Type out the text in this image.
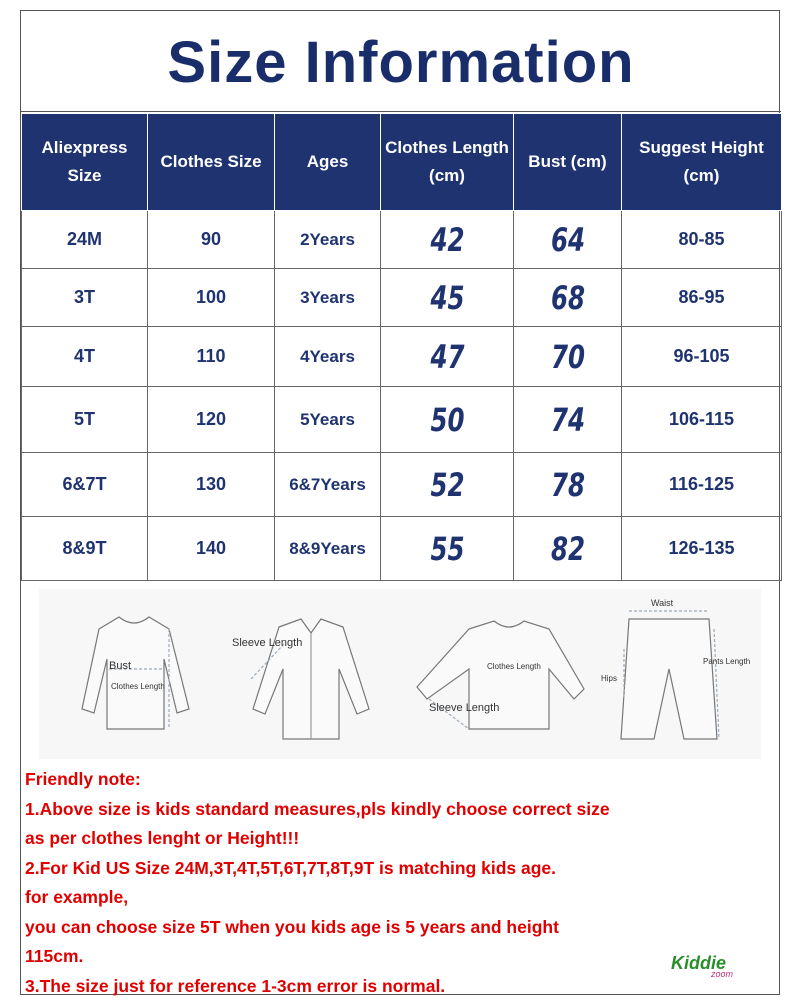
Size Information
Aliexpress Size	Clothes Size	Ages	Clothes Length (cm)	Bust (cm)	Suggest Height (cm)
24M	90	2Years	42	64	80-85
3T	100	3Years	45	68	86-95
4T	110	4Years	47	70	96-105
5T	120	5Years	50	74	106-115
6&7T	130	6&7Years	52	78	116-125
8&9T	140	8&9Years	55	82	126-135
Bust
Clothes Length
Sleeve Length
Clothes Length
Sleeve Length
Waist
Hips
Pants Length
Friendly note:
1.Above size is kids standard measures,pls kindly choose correct size
as per clothes lenght or Height!!!
2.For Kid US Size 24M,3T,4T,5T,6T,7T,8T,9T is matching kids age.
for example,
you can choose size 5T when you kids age is 5 years and height
115cm.
3.The size just for reference 1-3cm error is normal.
Kiddie
zoom
